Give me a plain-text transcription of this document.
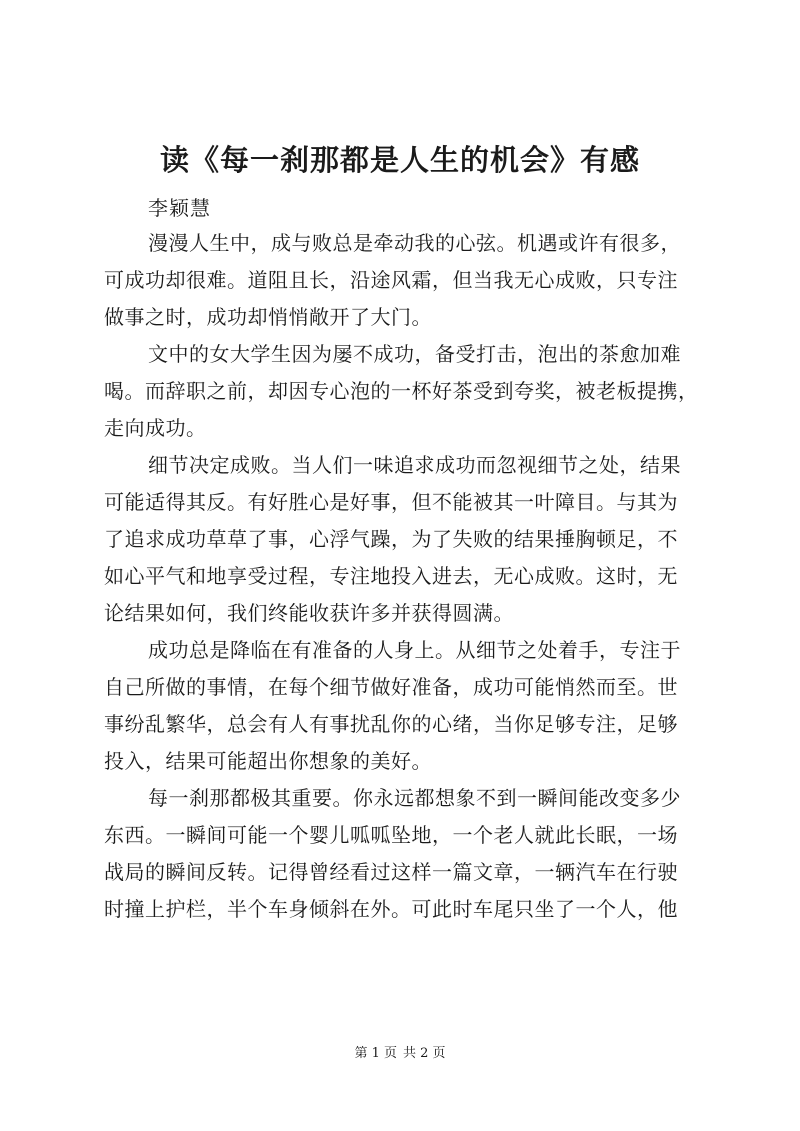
读《每一刹那都是人生的机会》有感
李颖慧

漫漫人生中，成与败总是牵动我的心弦。机遇或许有很多，
可成功却很难。道阻且长，沿途风霜，但当我无心成败，只专注
做事之时，成功却悄悄敞开了大门。

文中的女大学生因为屡不成功，备受打击，泡出的茶愈加难
喝。而辞职之前，却因专心泡的一杯好茶受到夸奖，被老板提携，
走向成功。

细节决定成败。当人们一味追求成功而忽视细节之处，结果
可能适得其反。有好胜心是好事，但不能被其一叶障目。与其为
了追求成功草草了事，心浮气躁，为了失败的结果捶胸顿足，不
如心平气和地享受过程，专注地投入进去，无心成败。这时，无
论结果如何，我们终能收获许多并获得圆满。

成功总是降临在有准备的人身上。从细节之处着手，专注于
自己所做的事情，在每个细节做好准备，成功可能悄然而至。世
事纷乱繁华，总会有人有事扰乱你的心绪，当你足够专注，足够
投入，结果可能超出你想象的美好。

每一刹那都极其重要。你永远都想象不到一瞬间能改变多少
东西。一瞬间可能一个婴儿呱呱坠地，一个老人就此长眠，一场
战局的瞬间反转。记得曾经看过这样一篇文章，一辆汽车在行驶
时撞上护栏，半个车身倾斜在外。可此时车尾只坐了一个人，他

第 1 页 共 2 页
